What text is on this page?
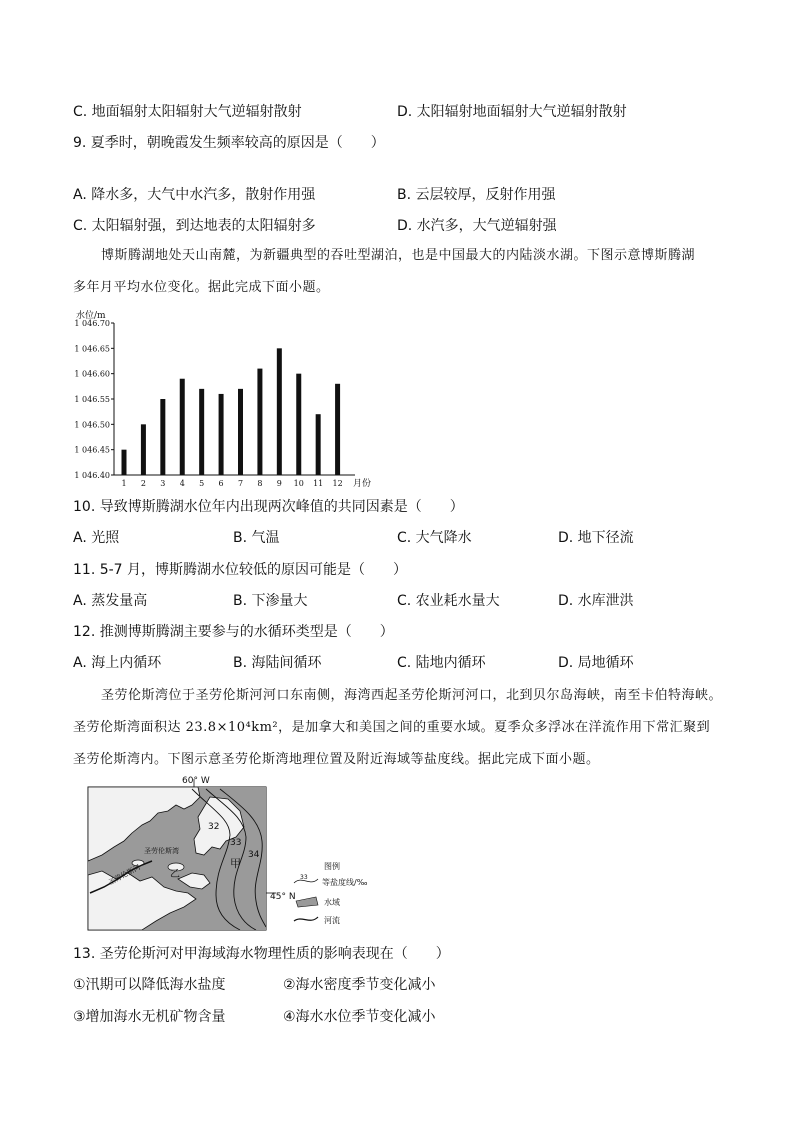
C. 地面辐射太阳辐射大气逆辐射散射	D. 太阳辐射地面辐射大气逆辐射散射
9. 夏季时，朝晚霞发生频率较高的原因是（　　）
A. 降水多，大气中水汽多，散射作用强	B. 云层较厚，反射作用强
C. 太阳辐射强，到达地表的太阳辐射多	D. 水汽多，大气逆辐射强

博斯腾湖地处天山南麓，为新疆典型的吞吐型湖泊，也是中国最大的内陆淡水湖。下图示意博斯腾湖

多年月平均水位变化。据此完成下面小题。

水位/m
1 046.40
1 046.45
1 046.50
1 046.55
1 046.60
1 046.65
1 046.70
1 2 3 4 5 6 7 8 9 10 11 12 月份
10. 导致博斯腾湖水位年内出现两次峰值的共同因素是（　　）
A. 光照	B. 气温	C. 大气降水	D. 地下径流
11. 5-7 月，博斯腾湖水位较低的原因可能是（　　）
A. 蒸发量高	B. 下渗量大	C. 农业耗水量大	D. 水库泄洪
12. 推测博斯腾湖主要参与的水循环类型是（　　）
A. 海上内循环	B. 海陆间循环	C. 陆地内循环	D. 局地循环

圣劳伦斯湾位于圣劳伦斯河河口东南侧，海湾西起圣劳伦斯河河口，北到贝尔岛海峡，南至卡伯特海峡。

圣劳伦斯湾面积达 23.8×10⁴km²，是加拿大和美国之间的重要水域。夏季众多浮冰在洋流作用下常汇聚到

圣劳伦斯湾内。下图示意圣劳伦斯湾地理位置及附近海域等盐度线。据此完成下面小题。

60° W
45° N
圣劳伦斯湾
圣劳伦斯河	乙
甲
32
33
34
图例
33
等盐度线/‰
水域
河流
13. 圣劳伦斯河对甲海域海水物理性质的影响表现在（　　）
①汛期可以降低海水盐度	②海水密度季节变化减小
③增加海水无机矿物含量	④海水水位季节变化减小
